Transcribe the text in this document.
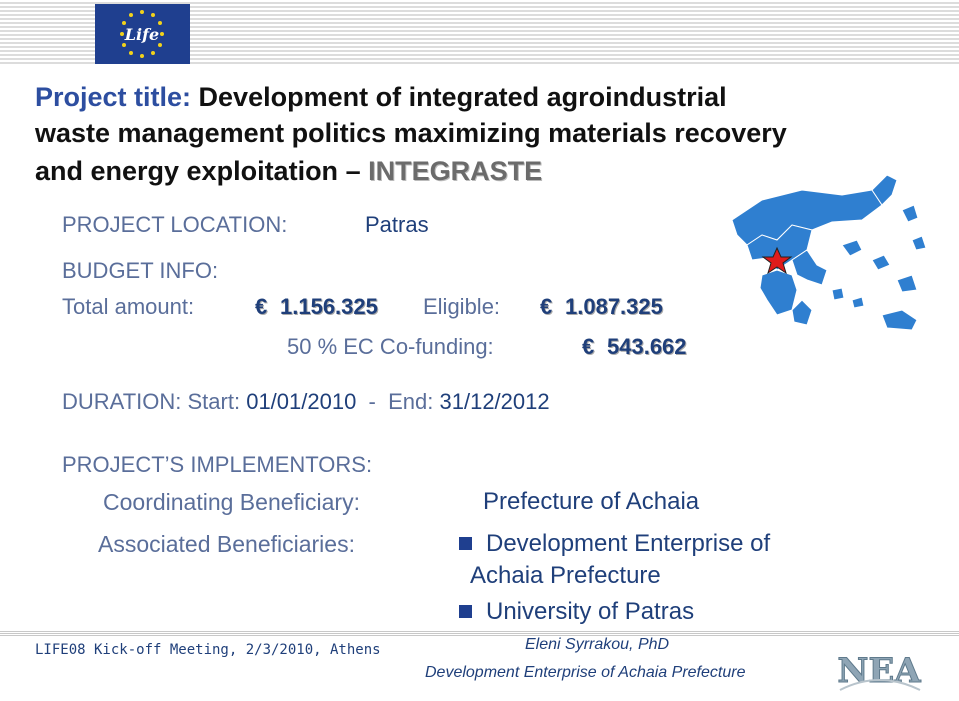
Life
Project title: Development of integrated agroindustrial
waste management politics maximizing materials recovery
and energy exploitation – INTEGRASTE
PROJECT LOCATION:	Patras
BUDGET INFO:
Total amount:	€ 1.156.325 Eligible: € 1.087.325
50 % EC Co-funding:	€ 543.662
DURATION: Start: 01/01/2010 - End: 31/12/2012
PROJECT’S IMPLEMENTORS:
Coordinating Beneficiary:	Prefecture of Achaia
Associated Beneficiaries:	Development Enterprise of
Achaia Prefecture
University of Patras
LIFE08 Kick-off Meeting, 2/3/2010, Athens	Eleni Syrrakou, PhD
Development Enterprise of Achaia Prefecture	NEA
